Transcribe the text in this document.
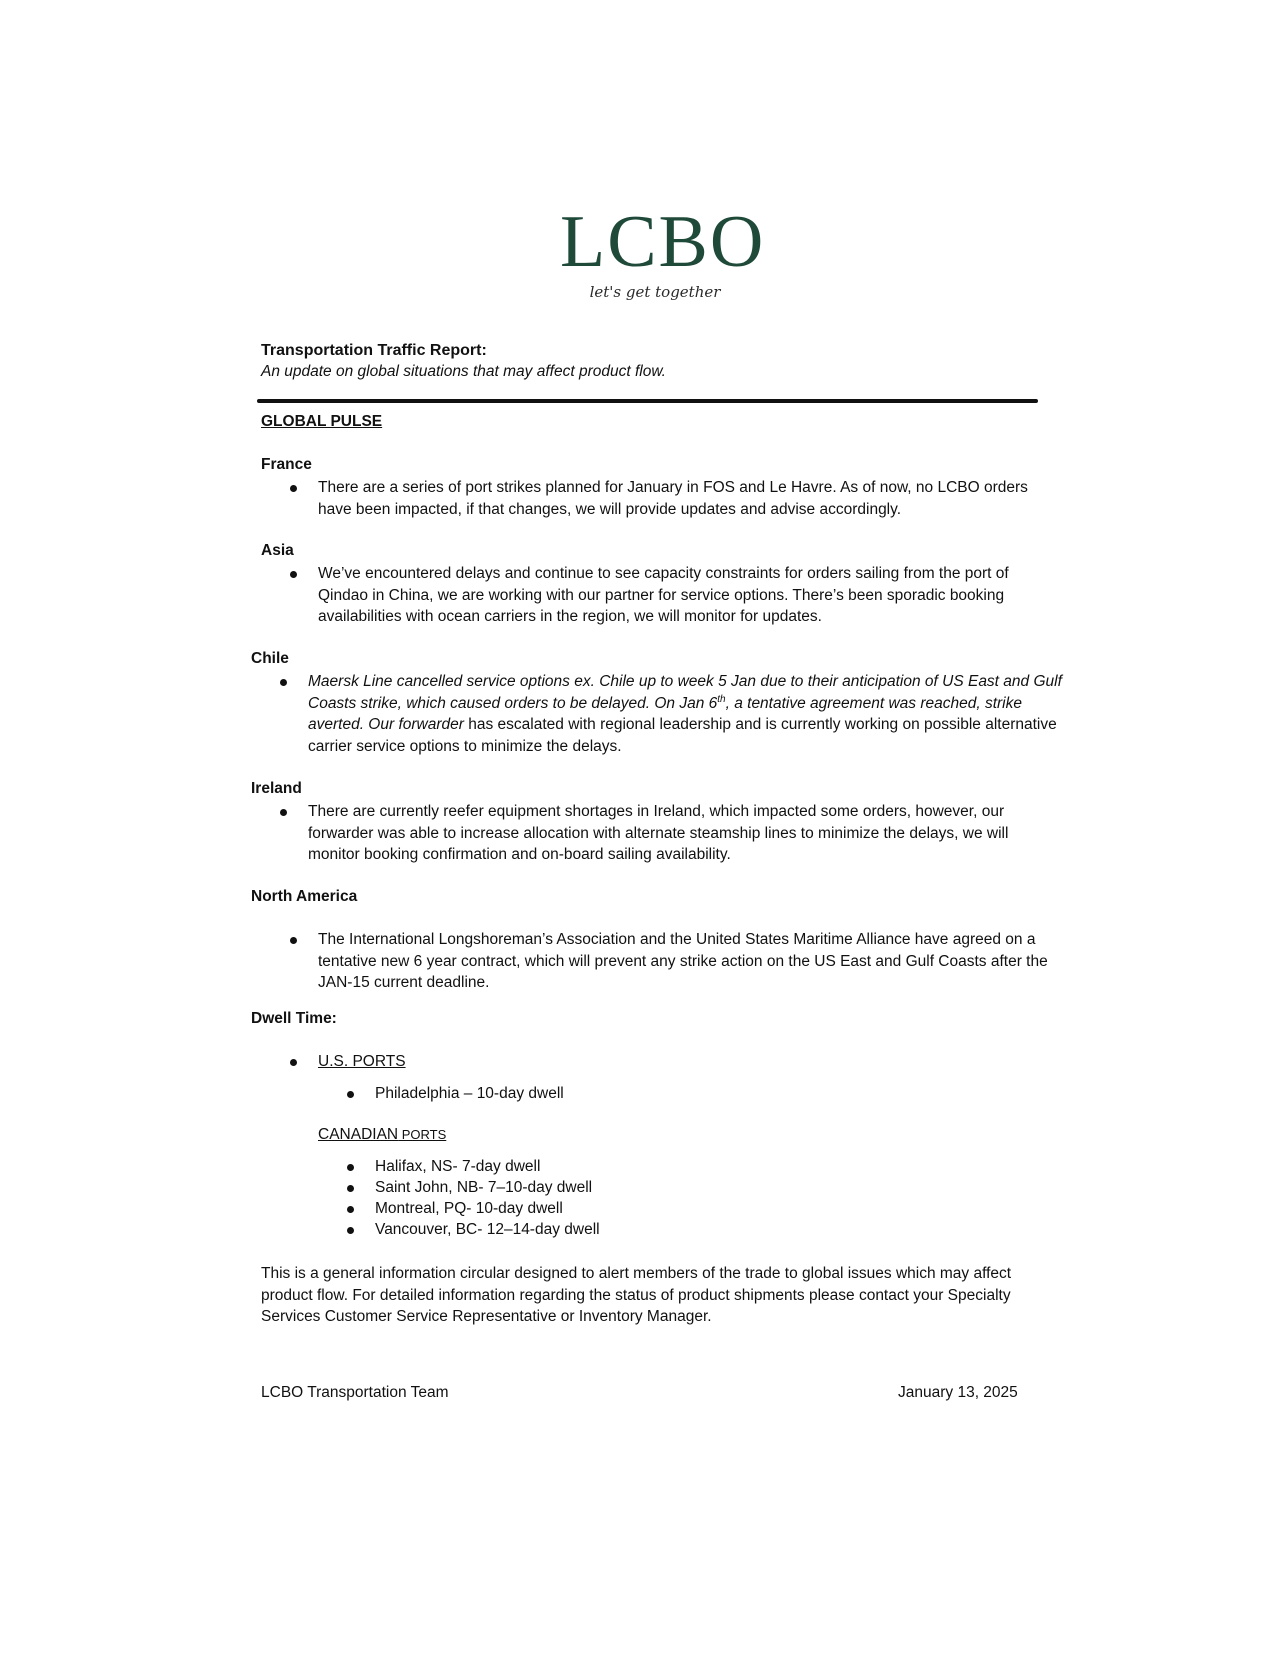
LCBO
let's get together
Transportation Traffic Report:
An update on global situations that may affect product flow.
GLOBAL PULSE
France
There are a series of port strikes planned for January in FOS and Le Havre. As of now, no LCBO orders have been impacted, if that changes, we will provide updates and advise accordingly.
Asia
We’ve encountered delays and continue to see capacity constraints for orders sailing from the port of Qindao in China, we are working with our partner for service options. There’s been sporadic booking availabilities with ocean carriers in the region, we will monitor for updates.
Chile
Maersk Line cancelled service options ex. Chile up to week 5 Jan due to their anticipation of US East and Gulf Coasts strike, which caused orders to be delayed. On Jan 6th, a tentative agreement was reached, strike averted. Our forwarder has escalated with regional leadership and is currently working on possible alternative carrier service options to minimize the delays.
Ireland
There are currently reefer equipment shortages in Ireland, which impacted some orders, however, our forwarder was able to increase allocation with alternate steamship lines to minimize the delays, we will monitor booking confirmation and on-board sailing availability.
North America
The International Longshoreman’s Association and the United States Maritime Alliance have agreed on a tentative new 6 year contract, which will prevent any strike action on the US East and Gulf Coasts after the JAN-15 current deadline.
Dwell Time:
U.S. PORTS
Philadelphia – 10-day dwell
CANADIAN PORTS
Halifax, NS- 7-day dwell
Saint John, NB- 7–10-day dwell
Montreal, PQ- 10-day dwell
Vancouver, BC- 12–14-day dwell
This is a general information circular designed to alert members of the trade to global issues which may affect product flow. For detailed information regarding the status of product shipments please contact your Specialty Services Customer Service Representative or Inventory Manager.
LCBO Transportation Team	January 13, 2025
